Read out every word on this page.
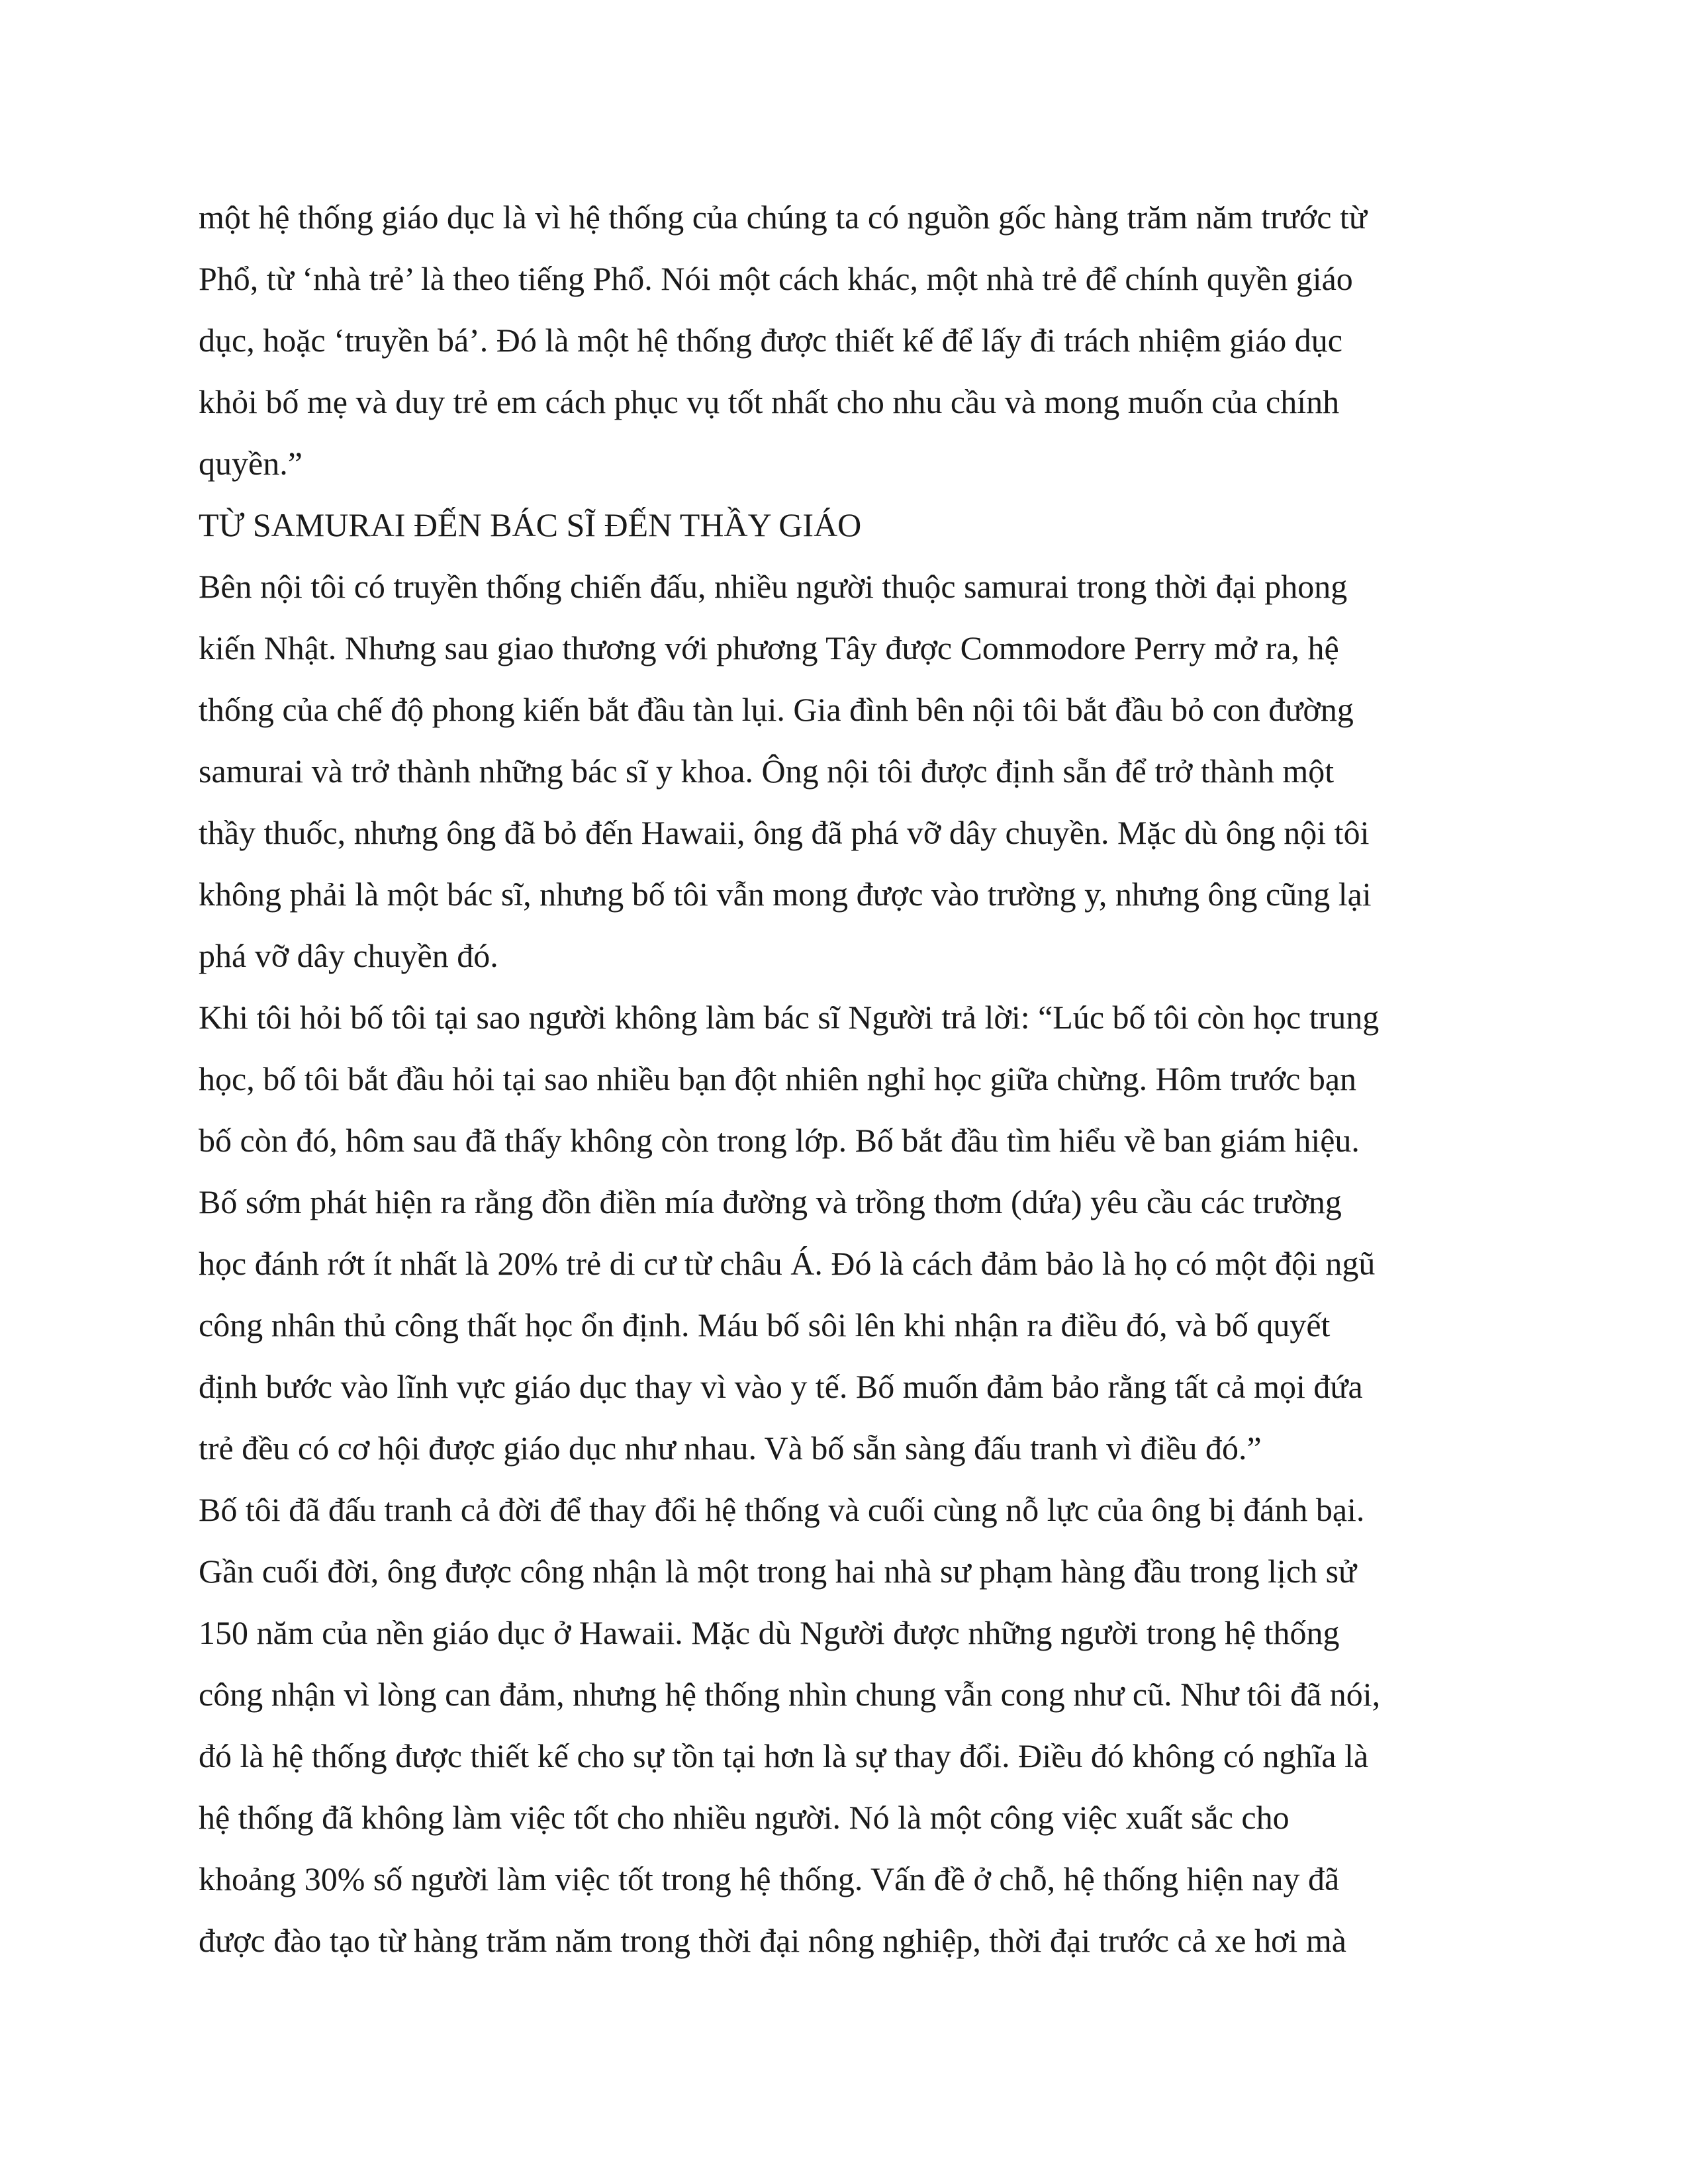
một hệ thống giáo dục là vì hệ thống của chúng ta có nguồn gốc hàng trăm năm trước từ
Phổ, từ ‘nhà trẻ’ là theo tiếng Phổ. Nói một cách khác, một nhà trẻ để chính quyền giáo
dục, hoặc ‘truyền bá’. Đó là một hệ thống được thiết kế để lấy đi trách nhiệm giáo dục
khỏi bố mẹ và duy trẻ em cách phục vụ tốt nhất cho nhu cầu và mong muốn của chính
quyền.”
TỪ SAMURAI ĐẾN BÁC SĨ ĐẾN THẦY GIÁO
Bên nội tôi có truyền thống chiến đấu, nhiều người thuộc samurai trong thời đại phong
kiến Nhật. Nhưng sau giao thương với phương Tây được Commodore Perry mở ra, hệ
thống của chế độ phong kiến bắt đầu tàn lụi. Gia đình bên nội tôi bắt đầu bỏ con đường
samurai và trở thành những bác sĩ y khoa. Ông nội tôi được định sẵn để trở thành một
thầy thuốc, nhưng ông đã bỏ đến Hawaii, ông đã phá vỡ dây chuyền. Mặc dù ông nội tôi
không phải là một bác sĩ, nhưng bố tôi vẫn mong được vào trường y, nhưng ông cũng lại
phá vỡ dây chuyền đó.
Khi tôi hỏi bố tôi tại sao người không làm bác sĩ Người trả lời: “Lúc bố tôi còn học trung
học, bố tôi bắt đầu hỏi tại sao nhiều bạn đột nhiên nghỉ học giữa chừng. Hôm trước bạn
bố còn đó, hôm sau đã thấy không còn trong lớp. Bố bắt đầu tìm hiểu về ban giám hiệu.
Bố sớm phát hiện ra rằng đồn điền mía đường và trồng thơm (dứa) yêu cầu các trường
học đánh rớt ít nhất là 20% trẻ di cư từ châu Á. Đó là cách đảm bảo là họ có một đội ngũ
công nhân thủ công thất học ổn định. Máu bố sôi lên khi nhận ra điều đó, và bố quyết
định bước vào lĩnh vực giáo dục thay vì vào y tế. Bố muốn đảm bảo rằng tất cả mọi đứa
trẻ đều có cơ hội được giáo dục như nhau. Và bố sẵn sàng đấu tranh vì điều đó.”
Bố tôi đã đấu tranh cả đời để thay đổi hệ thống và cuối cùng nỗ lực của ông bị đánh bại.
Gần cuối đời, ông được công nhận là một trong hai nhà sư phạm hàng đầu trong lịch sử
150 năm của nền giáo dục ở Hawaii. Mặc dù Người được những người trong hệ thống
công nhận vì lòng can đảm, nhưng hệ thống nhìn chung vẫn cong như cũ. Như tôi đã nói,
đó là hệ thống được thiết kế cho sự tồn tại hơn là sự thay đổi. Điều đó không có nghĩa là
hệ thống đã không làm việc tốt cho nhiều người. Nó là một công việc xuất sắc cho
khoảng 30% số người làm việc tốt trong hệ thống. Vấn đề ở chỗ, hệ thống hiện nay đã
được đào tạo từ hàng trăm năm trong thời đại nông nghiệp, thời đại trước cả xe hơi mà
